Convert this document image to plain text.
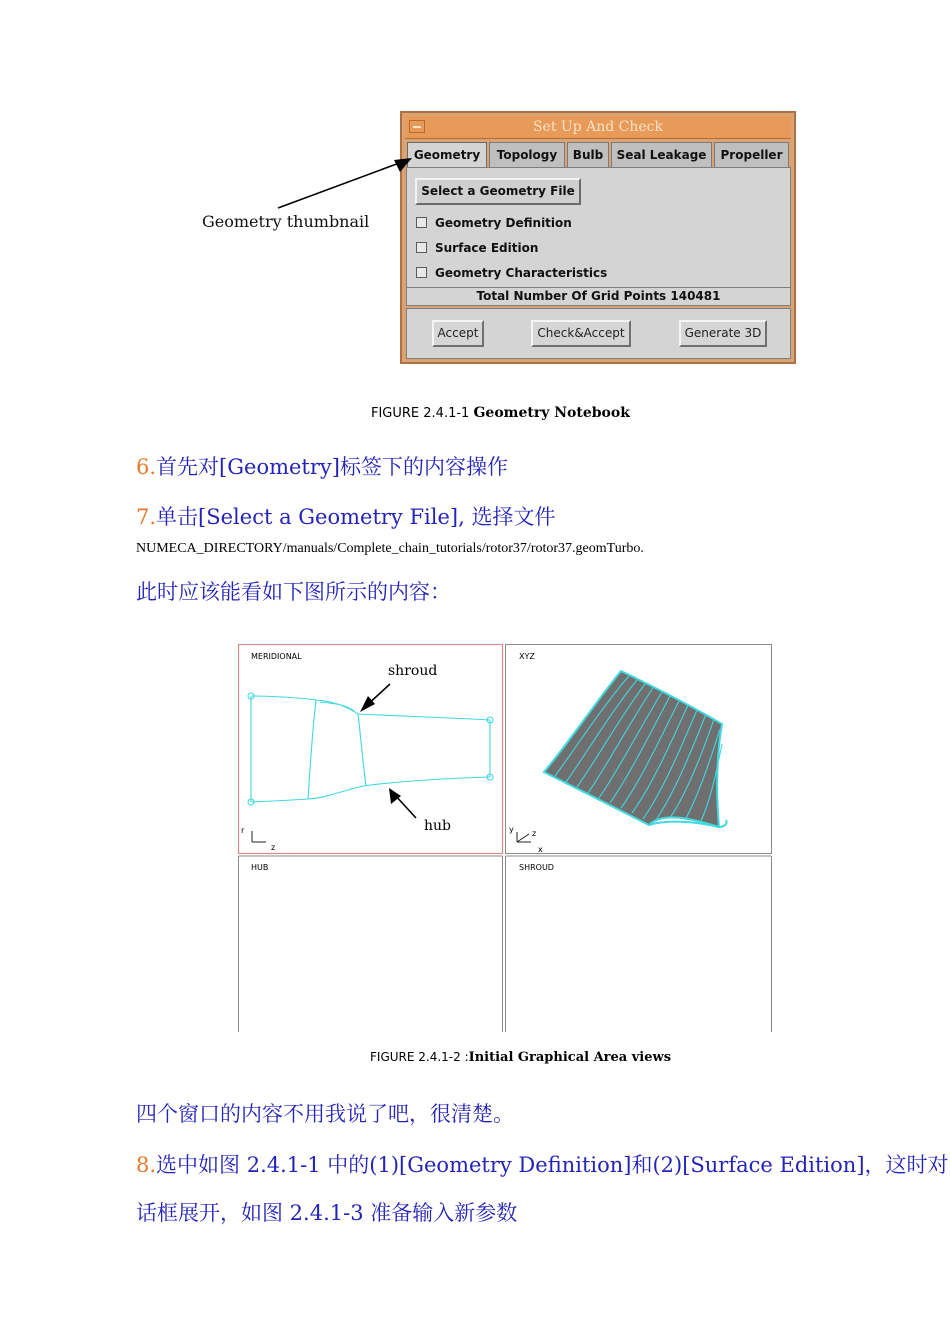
Set Up And Check
Geometry	Topology	Bulb	Seal Leakage	Propeller
Select a Geometry File
Geometry Definition
Surface Edition
Geometry Characteristics
Total Number Of Grid Points 140481
Accept	Check&Accept	Generate 3D
Geometry thumbnail
FIGURE 2.4.1-1 Geometry Notebook
6.首先对[Geometry]标签下的内容操作
7.单击[Select a Geometry File], 选择文件
NUMECA_DIRECTORY/manuals/Complete_chain_tutorials/rotor37/rotor37.geomTurbo.
此时应该能看如下图所示的内容：
MERIDIONAL	XYZ
HUB	SHROUD
shroud
hub
r
z
y z
x
FIGURE 2.4.1-2 :Initial Graphical Area views
四个窗口的内容不用我说了吧，很清楚。
8.选中如图 2.4.1-1 中的(1)[Geometry Definition]和(2)[Surface Edition]，这时对
话框展开，如图 2.4.1-3 准备输入新参数
